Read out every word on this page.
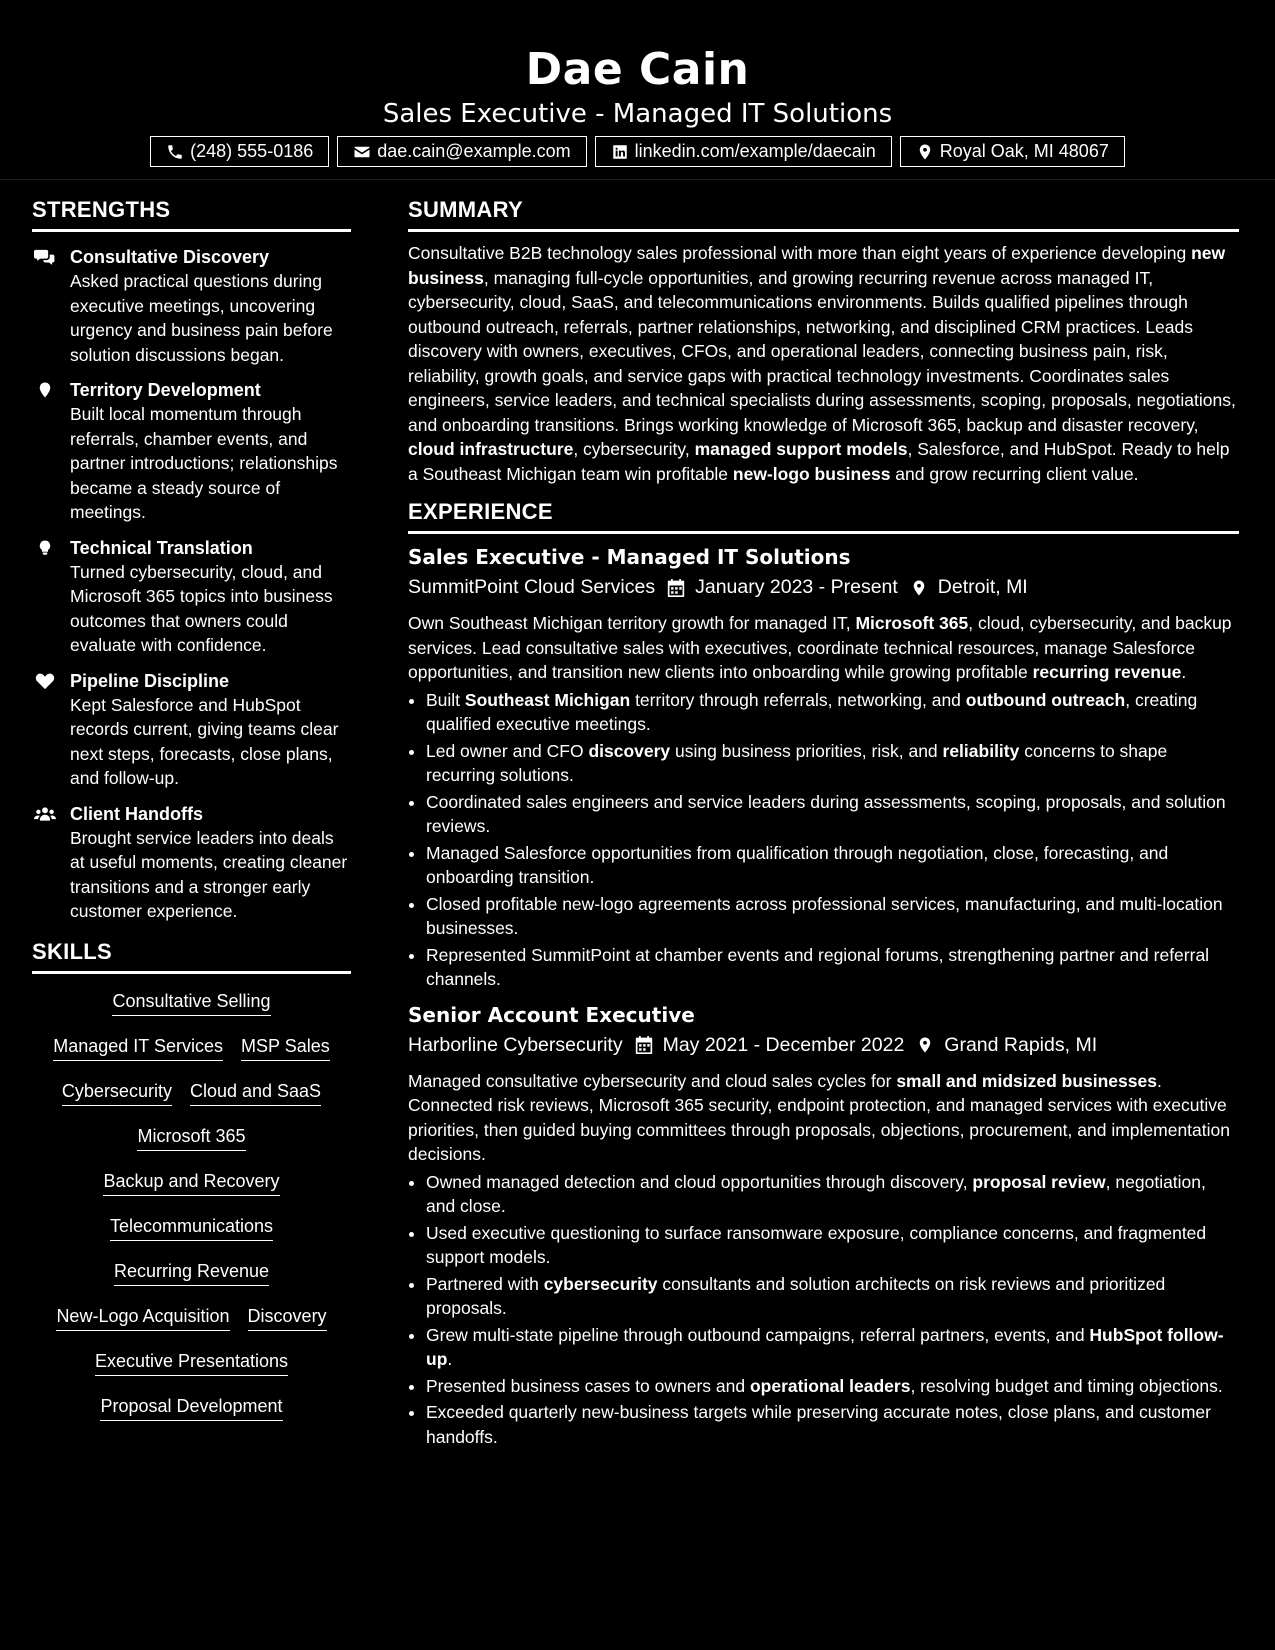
Dae Cain
Sales Executive - Managed IT Solutions
(248) 555-0186	dae.cain@example.com	linkedin.com/example/daecain	Royal Oak, MI 48067
STRENGTHS
Consultative Discovery

Asked practical questions during executive meetings, uncovering urgency and business pain before solution discussions began.

Territory Development

Built local momentum through referrals, chamber events, and partner introductions; relationships became a steady source of meetings.

Technical Translation

Turned cybersecurity, cloud, and Microsoft 365 topics into business outcomes that owners could evaluate with confidence.

Pipeline Discipline

Kept Salesforce and HubSpot records current, giving teams clear next steps, forecasts, close plans, and follow-up.

Client Handoffs

Brought service leaders into deals at useful moments, creating cleaner transitions and a stronger early customer experience.

SKILLS
Consultative Selling
Managed IT Services MSP Sales
Cybersecurity Cloud and SaaS
Microsoft 365
Backup and Recovery
Telecommunications
Recurring Revenue
New-Logo Acquisition Discovery
Executive Presentations
Proposal Development
SUMMARY

Consultative B2B technology sales professional with more than eight years of experience developing new business, managing full-cycle opportunities, and growing recurring revenue across managed IT, cybersecurity, cloud, SaaS, and telecommunications environments. Builds qualified pipelines through outbound outreach, referrals, partner relationships, networking, and disciplined CRM practices. Leads discovery with owners, executives, CFOs, and operational leaders, connecting business pain, risk, reliability, growth goals, and service gaps with practical technology investments. Coordinates sales engineers, service leaders, and technical specialists during assessments, scoping, proposals, negotiations, and onboarding transitions. Brings working knowledge of Microsoft 365, backup and disaster recovery, cloud infrastructure, cybersecurity, managed support models, Salesforce, and HubSpot. Ready to help a Southeast Michigan team win profitable new-logo business and grow recurring client value.

EXPERIENCE
Sales Executive - Managed IT Solutions
SummitPoint Cloud Services January 2023 - Present Detroit, MI

Own Southeast Michigan territory growth for managed IT, Microsoft 365, cloud, cybersecurity, and backup services. Lead consultative sales with executives, coordinate technical resources, manage Salesforce opportunities, and transition new clients into onboarding while growing profitable recurring revenue.

• Built Southeast Michigan territory through referrals, networking, and outbound outreach, creating qualified executive meetings.
• Led owner and CFO discovery using business priorities, risk, and reliability concerns to shape recurring solutions.
• Coordinated sales engineers and service leaders during assessments, scoping, proposals, and solution reviews.
• Managed Salesforce opportunities from qualification through negotiation, close, forecasting, and onboarding transition.
• Closed profitable new-logo agreements across professional services, manufacturing, and multi-location businesses.
• Represented SummitPoint at chamber events and regional forums, strengthening partner and referral channels.
Senior Account Executive
Harborline Cybersecurity May 2021 - December 2022 Grand Rapids, MI

Managed consultative cybersecurity and cloud sales cycles for small and midsized businesses. Connected risk reviews, Microsoft 365 security, endpoint protection, and managed services with executive priorities, then guided buying committees through proposals, objections, procurement, and implementation decisions.

• Owned managed detection and cloud opportunities through discovery, proposal review, negotiation, and close.
• Used executive questioning to surface ransomware exposure, compliance concerns, and fragmented support models.
• Partnered with cybersecurity consultants and solution architects on risk reviews and prioritized proposals.
• Grew multi-state pipeline through outbound campaigns, referral partners, events, and HubSpot follow-up.
• Presented business cases to owners and operational leaders, resolving budget and timing objections.
• Exceeded quarterly new-business targets while preserving accurate notes, close plans, and customer handoffs.
